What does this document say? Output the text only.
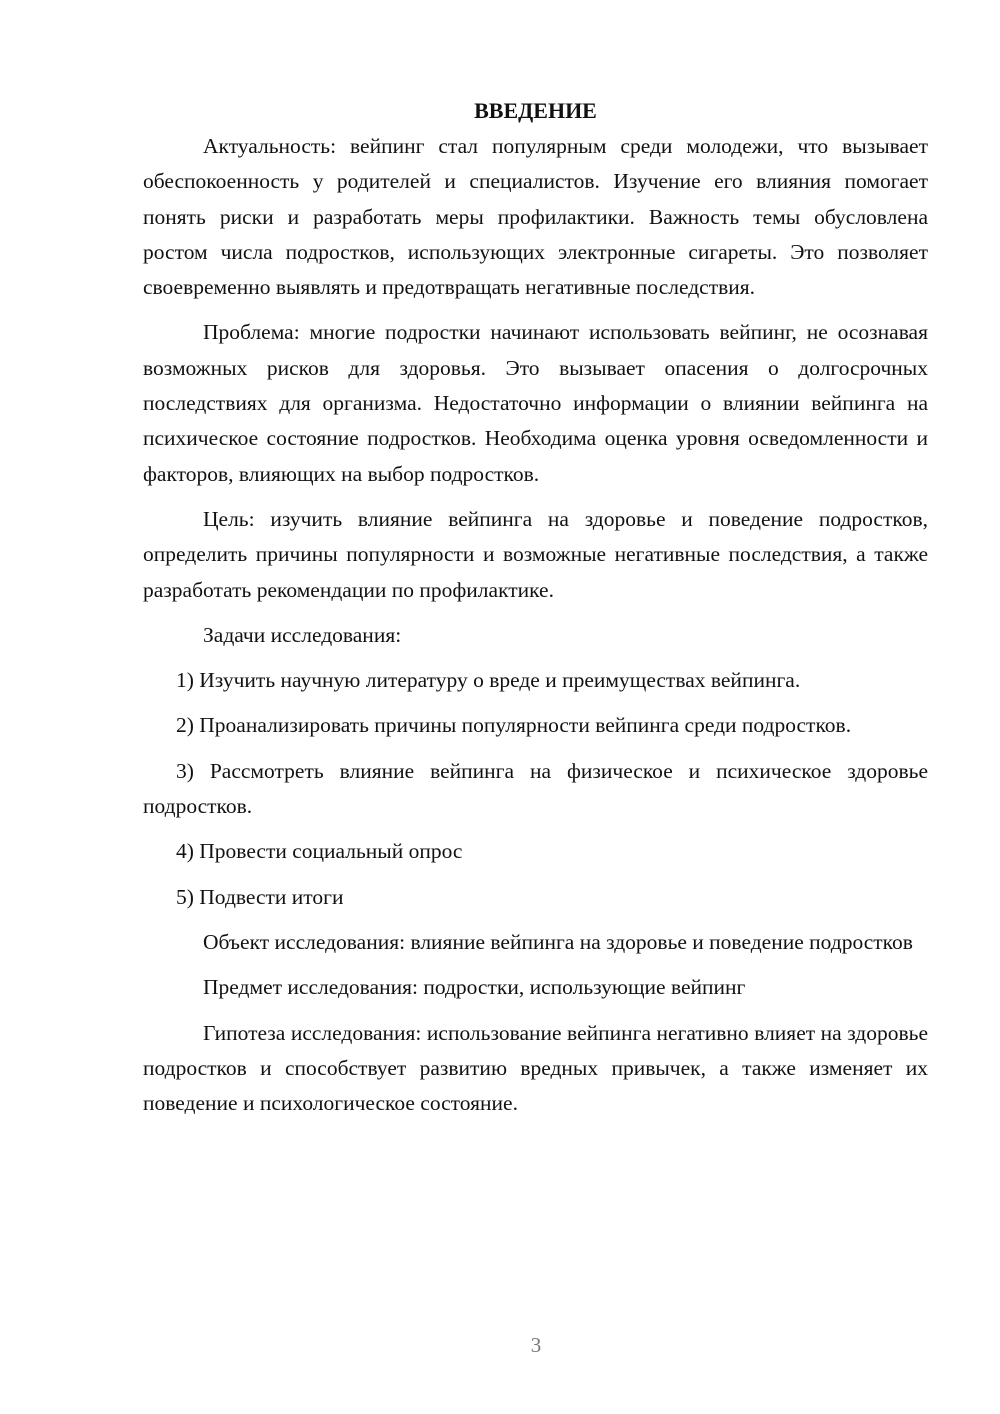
ВВЕДЕНИЕ

Актуальность: вейпинг стал популярным среди молодежи, что вызывает обеспокоенность у родителей и специалистов. Изучение его влияния помогает понять риски и разработать меры профилактики. Важность темы обусловлена ростом числа подростков, использующих электронные сигареты. Это позволяет своевременно выявлять и предотвращать негативные последствия.

Проблема: многие подростки начинают использовать вейпинг, не осознавая возможных рисков для здоровья. Это вызывает опасения о долгосрочных последствиях для организма. Недостаточно информации о влиянии вейпинга на психическое состояние подростков. Необходима оценка уровня осведомленности и факторов, влияющих на выбор подростков.

Цель: изучить влияние вейпинга на здоровье и поведение подростков, определить причины популярности и возможные негативные последствия, а также разработать рекомендации по профилактике.

Задачи исследования:

1) Изучить научную литературу о вреде и преимуществах вейпинга.

2) Проанализировать причины популярности вейпинга среди подростков.

3) Рассмотреть влияние вейпинга на физическое и психическое здоровье подростков.

4) Провести социальный опрос

5) Подвести итоги

Объект исследования: влияние вейпинга на здоровье и поведение подростков

Предмет исследования: подростки, использующие вейпинг

Гипотеза исследования: использование вейпинга негативно влияет на здоровье подростков и способствует развитию вредных привычек, а также изменяет их поведение и психологическое состояние.

3
